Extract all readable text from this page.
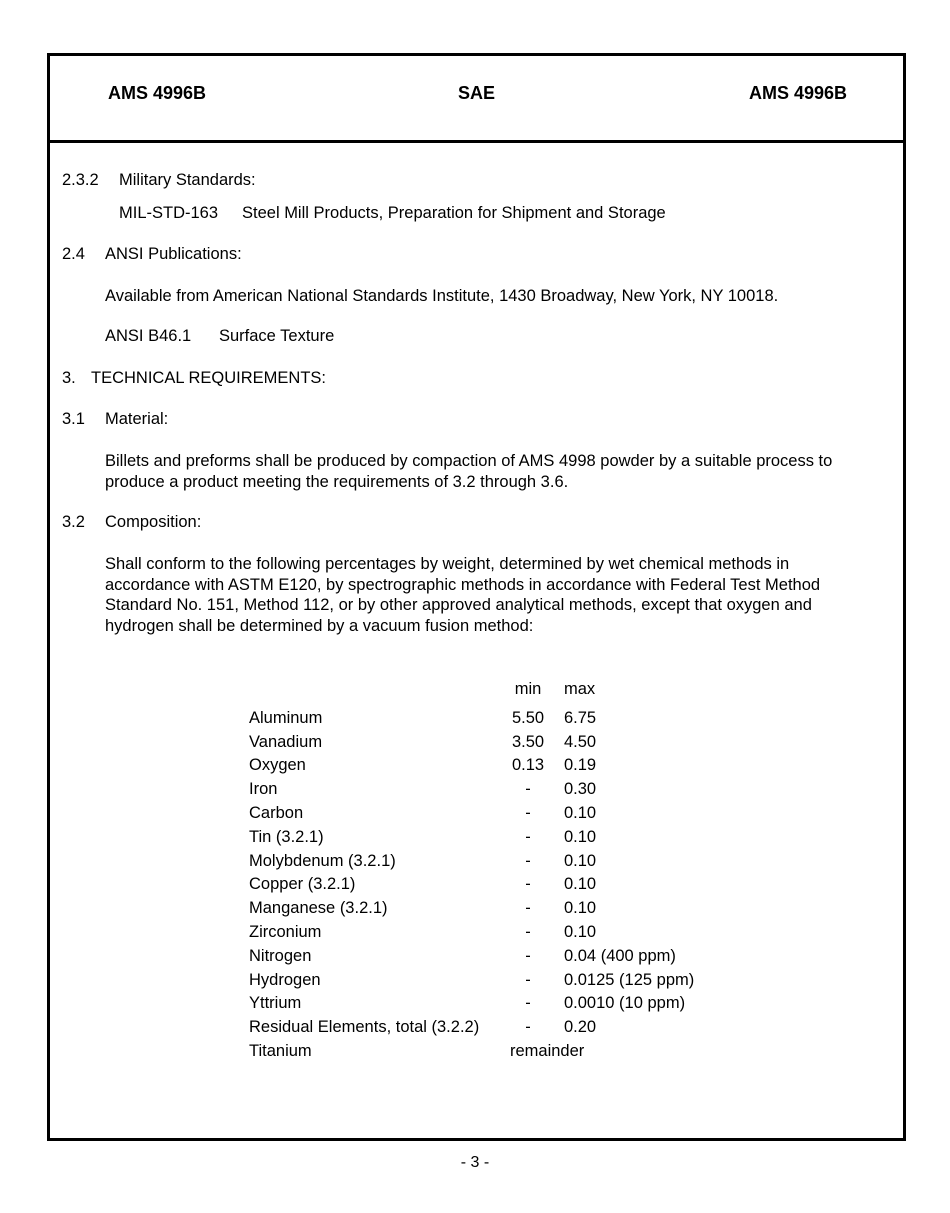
AMS 4996B	SAE	AMS 4996B
2.3.2 Military Standards:
MIL-STD-163 Steel Mill Products, Preparation for Shipment and Storage
2.4 ANSI Publications:
Available from American National Standards Institute, 1430 Broadway, New York, NY 10018.
ANSI B46.1 Surface Texture
3. TECHNICAL REQUIREMENTS:
3.1 Material:
Billets and preforms shall be produced by compaction of AMS 4998 powder by a suitable process to produce a product meeting the requirements of 3.2 through 3.6.
3.2 Composition:
Shall conform to the following percentages by weight, determined by wet chemical methods in accordance with ASTM E120, by spectrographic methods in accordance with Federal Test Method Standard No. 151, Method 112, or by other approved analytical methods, except that oxygen and hydrogen shall be determined by a vacuum fusion method:
min max
Aluminum	5.50 6.75
Vanadium	3.50 4.50
Oxygen	0.13 0.19
Iron	-	0.30
Carbon	-	0.10
Tin (3.2.1)	-	0.10
Molybdenum (3.2.1)	-	0.10
Copper (3.2.1)	-	0.10
Manganese (3.2.1)	-	0.10
Zirconium	-	0.10
Nitrogen	-	0.04 (400 ppm)
Hydrogen	-	0.0125 (125 ppm)
Yttrium	-	0.0010 (10 ppm)
Residual Elements, total (3.2.2)	-	0.20
Titanium	remainder
- 3 -
